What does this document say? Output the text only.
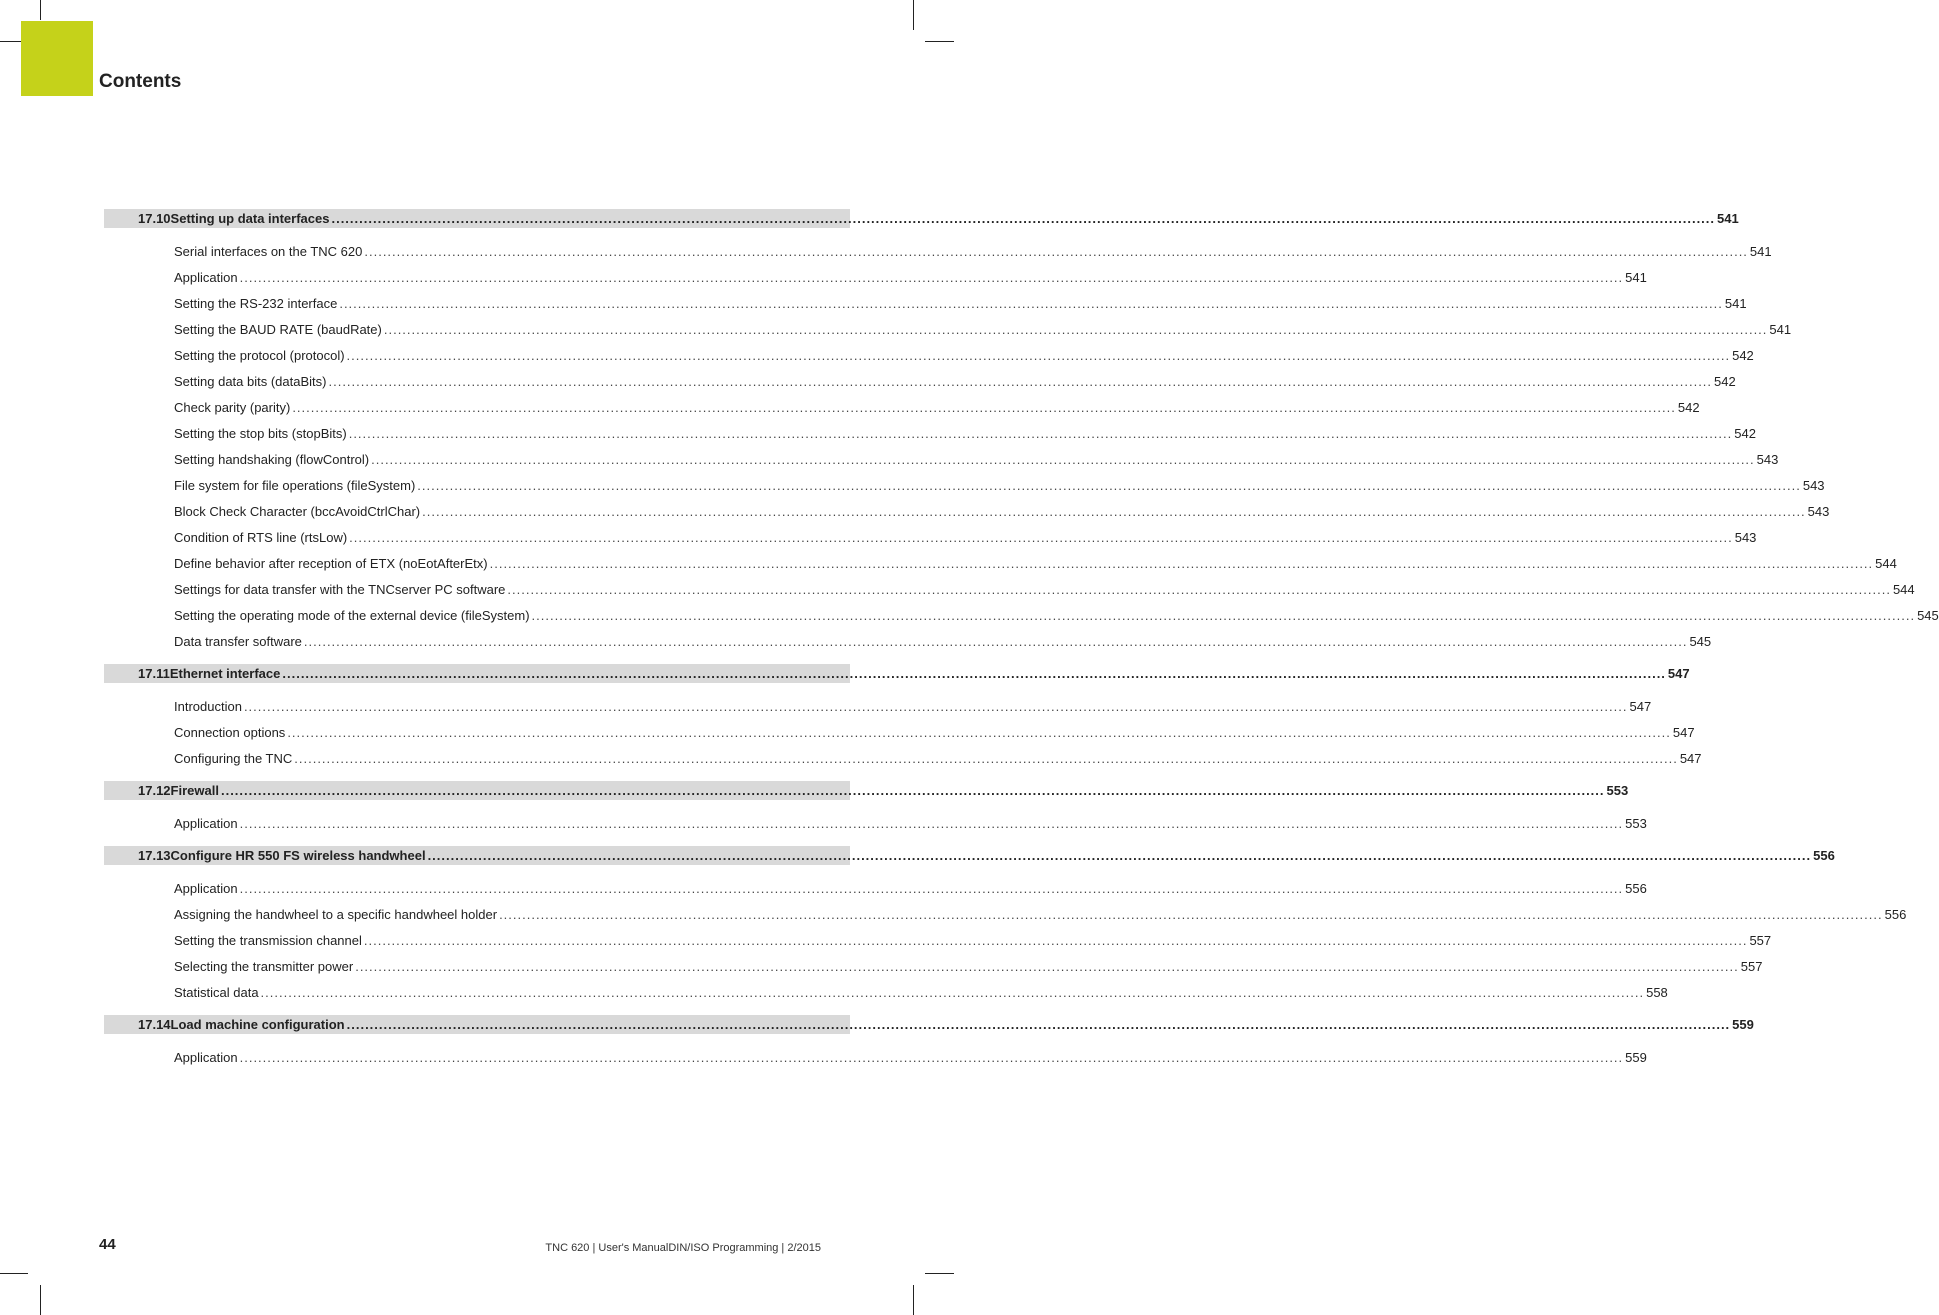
Contents
17.10 Setting up data interfaces ............................................................................................................................................................................................................................................................................................................ 541
Serial interfaces on the TNC 620 ............................................................................................................................................................................................................................................................................................................ 541
Application ............................................................................................................................................................................................................................................................................................................ 541
Setting the RS-232 interface ............................................................................................................................................................................................................................................................................................................ 541
Setting the BAUD RATE (baudRate) ............................................................................................................................................................................................................................................................................................................ 541
Setting the protocol (protocol) ............................................................................................................................................................................................................................................................................................................ 542
Setting data bits (dataBits) ............................................................................................................................................................................................................................................................................................................ 542
Check parity (parity) ............................................................................................................................................................................................................................................................................................................ 542
Setting the stop bits (stopBits) ............................................................................................................................................................................................................................................................................................................ 542
Setting handshaking (flowControl) ............................................................................................................................................................................................................................................................................................................ 543
File system for file operations (fileSystem) ............................................................................................................................................................................................................................................................................................................ 543
Block Check Character (bccAvoidCtrlChar) ............................................................................................................................................................................................................................................................................................................ 543
Condition of RTS line (rtsLow) ............................................................................................................................................................................................................................................................................................................ 543
Define behavior after reception of ETX (noEotAfterEtx) ............................................................................................................................................................................................................................................................................................................ 544
Settings for data transfer with the TNCserver PC software ............................................................................................................................................................................................................................................................................................................ 544
Setting the operating mode of the external device (fileSystem) ............................................................................................................................................................................................................................................................................................................ 545
Data transfer software ............................................................................................................................................................................................................................................................................................................ 545
17.11 Ethernet interface ............................................................................................................................................................................................................................................................................................................ 547
Introduction ............................................................................................................................................................................................................................................................................................................ 547
Connection options ............................................................................................................................................................................................................................................................................................................ 547
Configuring the TNC ............................................................................................................................................................................................................................................................................................................ 547
17.12 Firewall ............................................................................................................................................................................................................................................................................................................ 553
Application ............................................................................................................................................................................................................................................................................................................ 553
17.13 Configure HR 550 FS wireless handwheel ............................................................................................................................................................................................................................................................................................................ 556
Application ............................................................................................................................................................................................................................................................................................................ 556
Assigning the handwheel to a specific handwheel holder ............................................................................................................................................................................................................................................................................................................ 556
Setting the transmission channel ............................................................................................................................................................................................................................................................................................................ 557
Selecting the transmitter power ............................................................................................................................................................................................................................................................................................................ 557
Statistical data ............................................................................................................................................................................................................................................................................................................ 558
17.14 Load machine configuration ............................................................................................................................................................................................................................................................................................................ 559
Application ............................................................................................................................................................................................................................................................................................................ 559

44	TNC 620 | User's ManualDIN/ISO Programming | 2/2015
